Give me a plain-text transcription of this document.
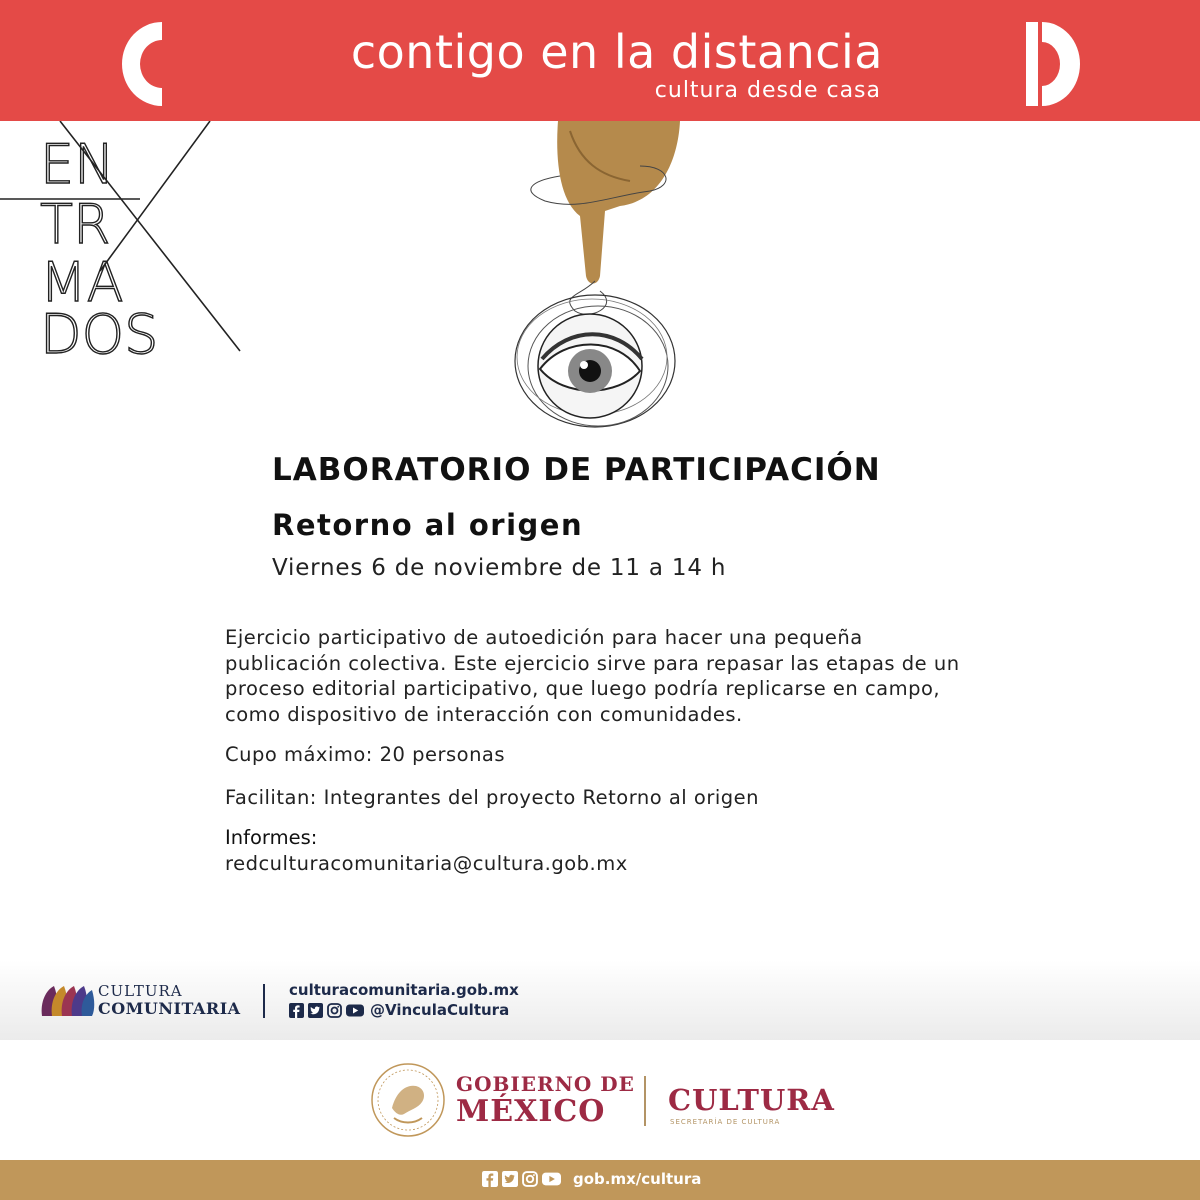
contigo en la distancia
cultura desde casa
EN
TR
MA
DOS
LABORATORIO DE PARTICIPACIÓN
Retorno al origen
Viernes 6 de noviembre de 11 a 14 h
Ejercicio participativo de autoedición para hacer una pequeña publicación colectiva. Este ejercicio sirve para repasar las etapas de un proceso editorial participativo, que luego podría replicarse en campo, como dispositivo de interacción con comunidades.
Cupo máximo: 20 personas
Facilitan: Integrantes del proyecto Retorno al origen
Informes:
redculturacomunitaria@cultura.gob.mx
CULTURA
COMUNITARIA
culturacomunitaria.gob.mx
@VinculaCultura
GOBIERNO DE
MÉXICO CULTURA
SECRETARÍA DE CULTURA
gob.mx/cultura
